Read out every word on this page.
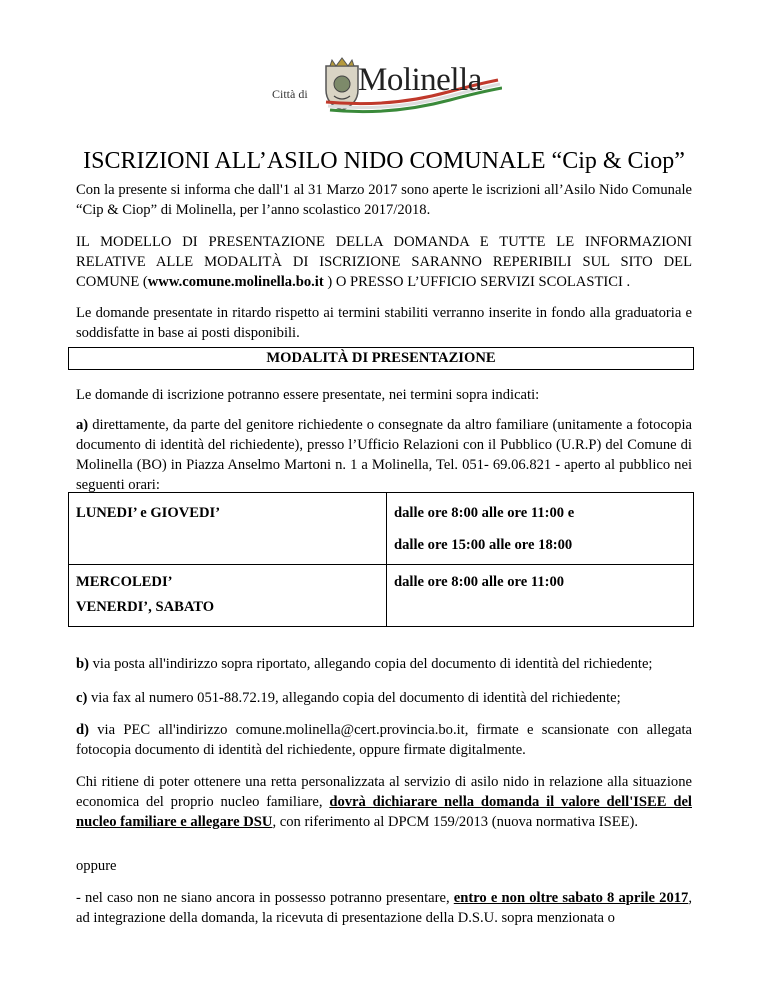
Città di Molinella
ISCRIZIONI ALL’ASILO NIDO COMUNALE “Cip & Ciop”

Con la presente si informa che dall'1 al 31 Marzo 2017 sono aperte le iscrizioni all’Asilo Nido Comunale “Cip & Ciop” di Molinella, per l’anno scolastico 2017/2018.

IL MODELLO DI PRESENTAZIONE DELLA DOMANDA E TUTTE LE INFORMAZIONI RELATIVE ALLE MODALITÀ DI ISCRIZIONE SARANNO REPERIBILI SUL SITO DEL COMUNE (www.comune.molinella.bo.it ) O PRESSO L’UFFICIO SERVIZI SCOLASTICI .

Le domande presentate in ritardo rispetto ai termini stabiliti verranno inserite in fondo alla graduatoria e soddisfatte in base ai posti disponibili.

MODALITÀ DI PRESENTAZIONE

Le domande di iscrizione potranno essere presentate, nei termini sopra indicati:

a) direttamente, da parte del genitore richiedente o consegnate da altro familiare (unitamente a fotocopia documento di identità del richiedente), presso l’Ufficio Relazioni con il Pubblico (U.R.P) del Comune di Molinella (BO) in Piazza Anselmo Martoni n. 1 a Molinella, Tel. 051- 69.06.821 - aperto al pubblico nei seguenti orari:

LUNEDI’ e GIOVEDI’	dalle ore 8:00 alle ore 11:00 e
dalle ore 15:00 alle ore 18:00
MERCOLEDI’
VENERDI’, SABATO
dalle ore 8:00 alle ore 11:00

b) via posta all'indirizzo sopra riportato, allegando copia del documento di identità del richiedente;

c) via fax al numero 051-88.72.19, allegando copia del documento di identità del richiedente;

d) via PEC all'indirizzo comune.molinella@cert.provincia.bo.it, firmate e scansionate con allegata fotocopia documento di identità del richiedente, oppure firmate digitalmente.

Chi ritiene di poter ottenere una retta personalizzata al servizio di asilo nido in relazione alla situazione economica del proprio nucleo familiare, dovrà dichiarare nella domanda il valore dell'ISEE del nucleo familiare e allegare DSU, con riferimento al DPCM 159/2013 (nuova normativa ISEE).

oppure

- nel caso non ne siano ancora in possesso potranno presentare, entro e non oltre sabato 8 aprile 2017, ad integrazione della domanda, la ricevuta di presentazione della D.S.U. sopra menzionata o
